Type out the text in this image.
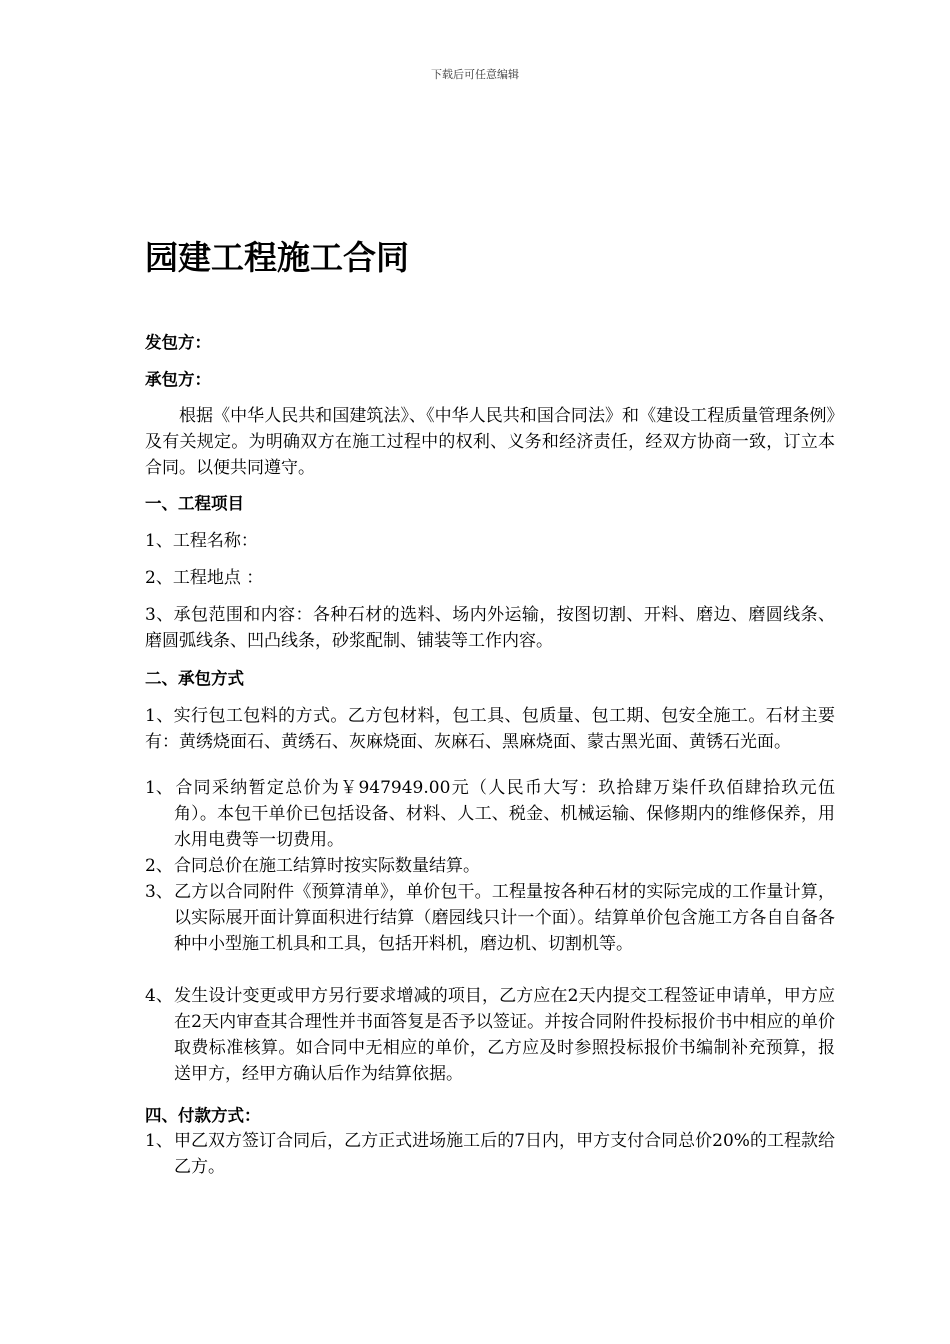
下载后可任意编辑
园建工程施工合同

发包方：

承包方：

根据《中华人民共和国建筑法》、《中华人民共和国合同法》和《建设工程质量管理条例》及有关规定。为明确双方在施工过程中的权利、义务和经济责任，经双方协商一致，订立本合同。以便共同遵守。

一、工程项目

1、工程名称：

2、工程地点 ：

3、承包范围和内容：各种石材的选料、场内外运输，按图切割、开料、磨边、磨圆线条、磨圆弧线条、凹凸线条，砂浆配制、铺装等工作内容。

二、承包方式

1、实行包工包料的方式。乙方包材料，包工具、包质量、包工期、包安全施工。石材主要有：黄绣烧面石、黄绣石、灰麻烧面、灰麻石、黑麻烧面、蒙古黑光面、黄锈石光面。

1、合同采纳暂定总价为￥947949.00元（人民币大写：玖拾肆万柒仟玖佰肆拾玖元伍角）。本包干单价已包括设备、材料、人工、税金、机械运输、保修期内的维修保养，用水用电费等一切费用。

2、合同总价在施工结算时按实际数量结算。

3、乙方以合同附件《预算清单》，单价包干。工程量按各种石材的实际完成的工作量计算，以实际展开面计算面积进行结算（磨园线只计一个面）。结算单价包含施工方各自自备各种中小型施工机具和工具，包括开料机，磨边机、切割机等。

4、发生设计变更或甲方另行要求增减的项目，乙方应在2天内提交工程签证申请单，甲方应在2天内审查其合理性并书面答复是否予以签证。并按合同附件投标报价书中相应的单价取费标准核算。如合同中无相应的单价，乙方应及时参照投标报价书编制补充预算，报送甲方，经甲方确认后作为结算依据。

四、付款方式：

1、甲乙双方签订合同后，乙方正式进场施工后的7日内，甲方支付合同总价20%的工程款给乙方。
